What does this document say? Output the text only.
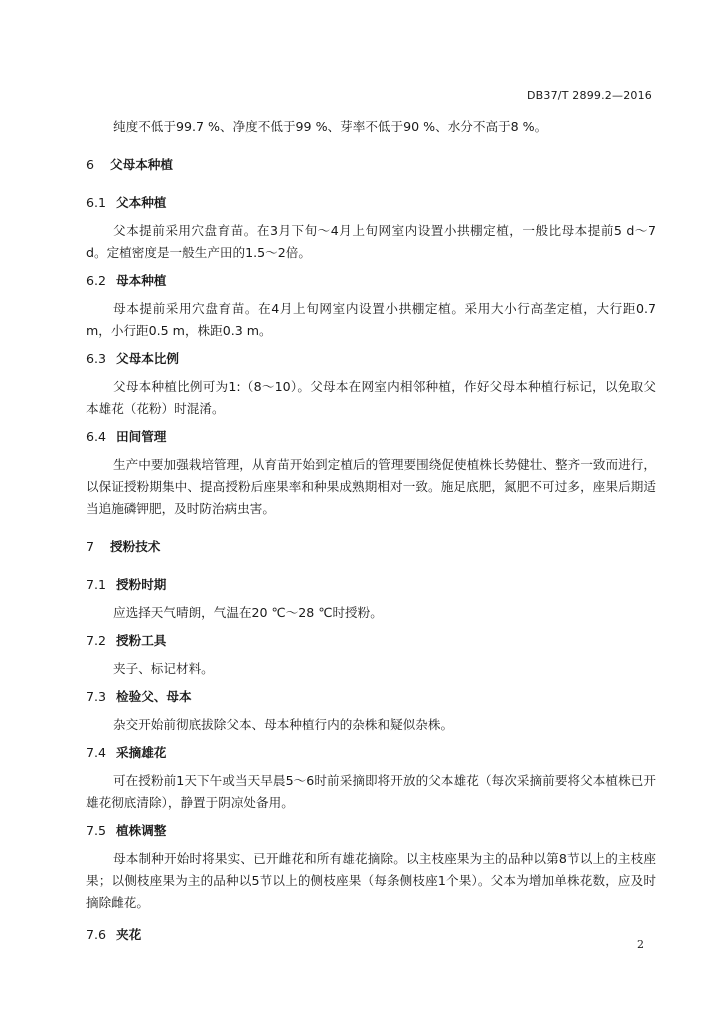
DB37/T 2899.2—2016

纯度不低于99.7 %、净度不低于99 %、芽率不低于90 %、水分不高于8 %。

6 父母本种植
6.1 父本种植

父本提前采用穴盘育苗。在3月下旬～4月上旬网室内设置小拱棚定植，一般比母本提前5 d～7 d。定植密度是一般生产田的1.5～2倍。

6.2 母本种植

母本提前采用穴盘育苗。在4月上旬网室内设置小拱棚定植。采用大小行高垄定植，大行距0.7 m，小行距0.5 m，株距0.3 m。

6.3 父母本比例

父母本种植比例可为1:（8～10）。父母本在网室内相邻种植，作好父母本种植行标记，以免取父本雄花（花粉）时混淆。

6.4 田间管理

生产中要加强栽培管理，从育苗开始到定植后的管理要围绕促使植株长势健壮、整齐一致而进行，以保证授粉期集中、提高授粉后座果率和种果成熟期相对一致。施足底肥，氮肥不可过多，座果后期适当追施磷钾肥，及时防治病虫害。

7 授粉技术
7.1 授粉时期

应选择天气晴朗，气温在20 ℃～28 ℃时授粉。

7.2 授粉工具

夹子、标记材料。

7.3 检验父、母本

杂交开始前彻底拔除父本、母本种植行内的杂株和疑似杂株。

7.4 采摘雄花

可在授粉前1天下午或当天早晨5～6时前采摘即将开放的父本雄花（每次采摘前要将父本植株已开雄花彻底清除），静置于阴凉处备用。

7.5 植株调整

母本制种开始时将果实、已开雌花和所有雄花摘除。以主枝座果为主的品种以第8节以上的主枝座果；以侧枝座果为主的品种以5节以上的侧枝座果（每条侧枝座1个果）。父本为增加单株花数，应及时摘除雌花。

7.6 夹花
2
